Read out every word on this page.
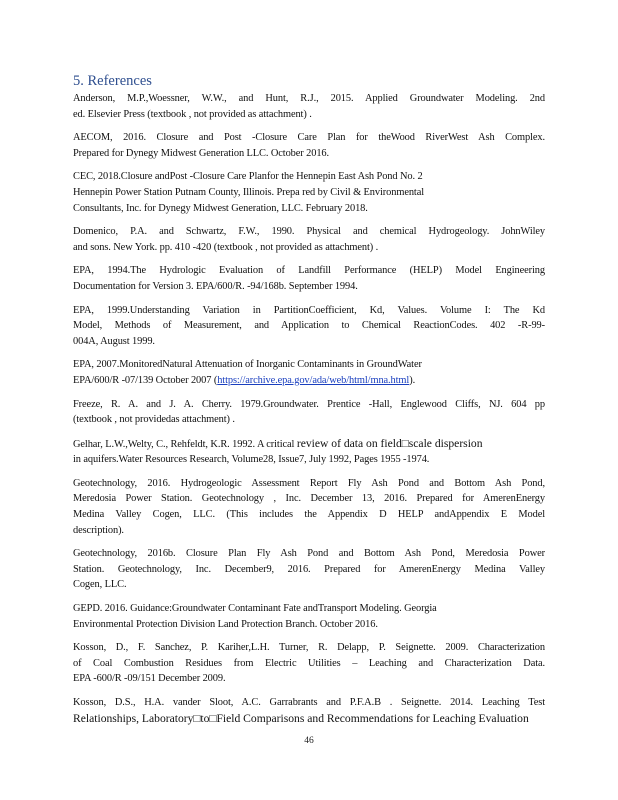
5. References
Anderson, M.P.,Woessner, W.W., and Hunt, R.J., 2015. Applied Groundwater Modeling. 2nd
ed. Elsevier Press (textbook , not provided as attachment) .
AECOM, 2016. Closure and Post -Closure Care Plan for theWood RiverWest Ash Complex.
Prepared for Dynegy Midwest Generation LLC. October 2016.
CEC, 2018.Closure andPost -Closure Care Planfor the Hennepin East Ash Pond No. 2
Hennepin Power Station Putnam County, Illinois. Prepa red by Civil & Environmental
Consultants, Inc. for Dynegy Midwest Generation, LLC. February 2018.
Domenico, P.A. and Schwartz, F.W., 1990. Physical and chemical Hydrogeology. JohnWiley
and sons. New York. pp. 410 -420 (textbook , not provided as attachment) .
EPA, 1994.The Hydrologic Evaluation of Landfill Performance (HELP) Model Engineering
Documentation for Version 3. EPA/600/R. -94/168b. September 1994.
EPA, 1999.Understanding Variation in PartitionCoefficient, Kd, Values. Volume I: The Kd
Model, Methods of Measurement, and Application to Chemical ReactionCodes. 402 -R-99-
004A, August 1999.
EPA, 2007.MonitoredNatural Attenuation of Inorganic Contaminants in GroundWater
EPA/600/R -07/139 October 2007 (https://archive.epa.gov/ada/web/html/mna.html).
Freeze, R. A. and J. A. Cherry. 1979.Groundwater. Prentice -Hall, Englewood Cliffs, NJ. 604 pp
(textbook , not providedas attachment) .
Gelhar, L.W.,Welty, C., Rehfeldt, K.R. 1992. A critical review of data on field□scale dispersion
in aquifers.Water Resources Research, Volume28, Issue7, July 1992, Pages 1955 -1974.
Geotechnology, 2016. Hydrogeologic Assessment Report Fly Ash Pond and Bottom Ash Pond,
Meredosia Power Station. Geotechnology , Inc. December 13, 2016. Prepared for AmerenEnergy
Medina Valley Cogen, LLC. (This includes the Appendix D HELP andAppendix E Model
description).
Geotechnology, 2016b. Closure Plan Fly Ash Pond and Bottom Ash Pond, Meredosia Power
Station. Geotechnology, Inc. December9, 2016. Prepared for AmerenEnergy Medina Valley
Cogen, LLC.
GEPD. 2016. Guidance:Groundwater Contaminant Fate andTransport Modeling. Georgia
Environmental Protection Division Land Protection Branch. October 2016.
Kosson, D., F. Sanchez, P. Kariher,L.H. Turner, R. Delapp, P. Seignette. 2009. Characterization
of Coal Combustion Residues from Electric Utilities – Leaching and Characterization Data.
EPA -600/R -09/151 December 2009.
Kosson, D.S., H.A. vander Sloot, A.C. Garrabrants and P.F.A.B . Seignette. 2014. Leaching Test
Relationships, Laboratory□to□Field Comparisons and Recommendations for Leaching Evaluation
46
